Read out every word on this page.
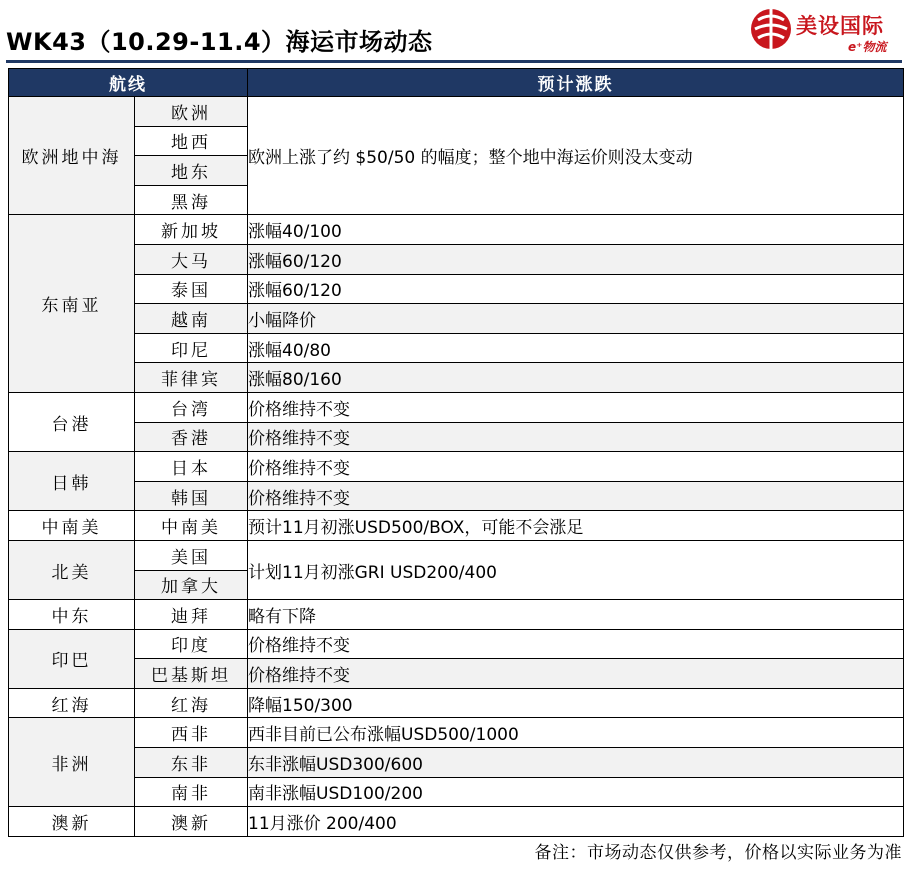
WK43（10.29-11.4）海运市场动态
美设国际
e⁺物流
航线		预计涨跌
欧洲地中海	欧洲	欧洲上涨了约 $50/50 的幅度；整个地中海运价则没太变动
	地西	
	地东	
	黑海	
东南亚	新加坡	涨幅40/100
	大马	涨幅60/120
	泰国	涨幅60/120
	越南	小幅降价
	印尼	涨幅40/80
	菲律宾	涨幅80/160
台港	台湾	价格维持不变
	香港	价格维持不变
日韩	日本	价格维持不变
	韩国	价格维持不变
中南美	中南美	预计11月初涨USD500/BOX，可能不会涨足
北美	美国	计划11月初涨GRI USD200/400
	加拿大	
中东	迪拜	略有下降
印巴	印度	价格维持不变
	巴基斯坦	价格维持不变
红海	红海	降幅150/300
非洲	西非	西非目前已公布涨幅USD500/1000
	东非	东非涨幅USD300/600
	南非	南非涨幅USD100/200
澳新	澳新	11月涨价 200/400
备注：市场动态仅供参考，价格以实际业务为准
